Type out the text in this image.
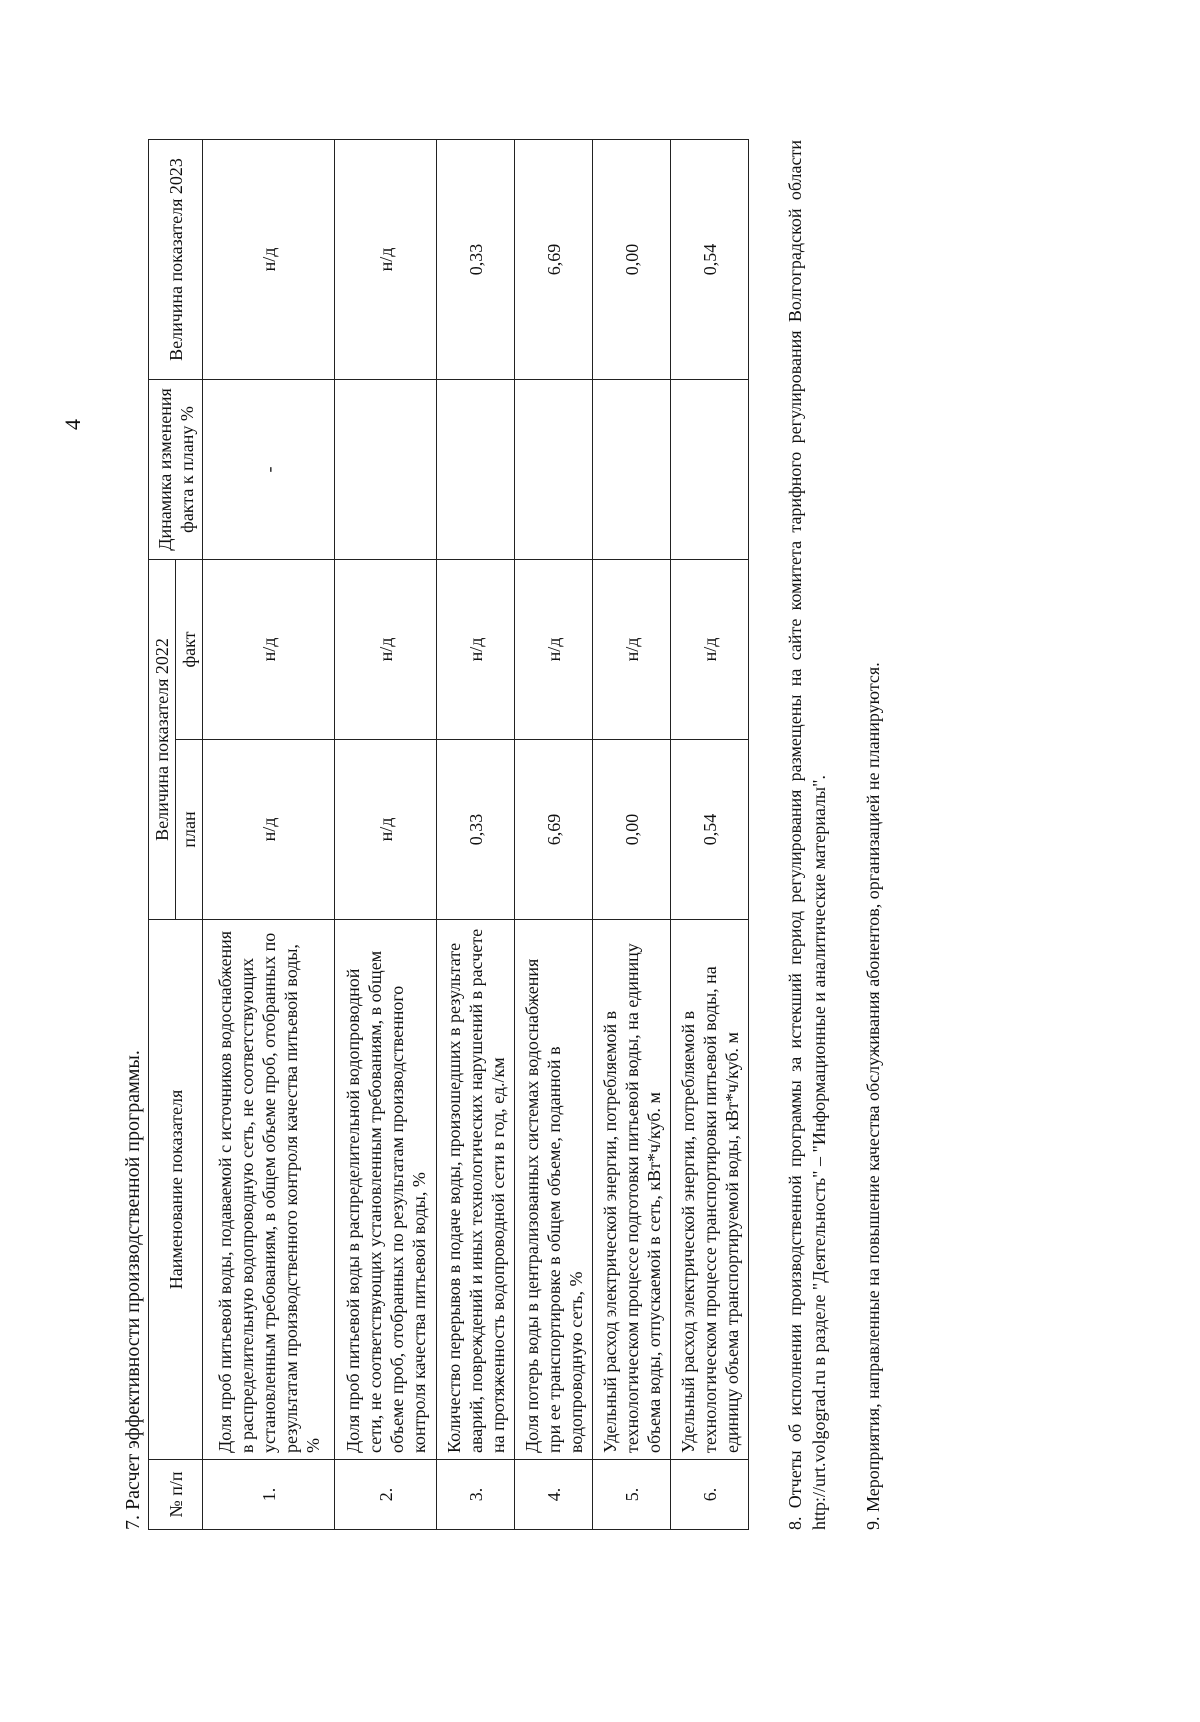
4
7. Расчет эффективности производственной программы. № п/п	Наименование показателя	Величина показателя 2022		Динамика изменения факта к плану %	Величина показателя 2023
		план	факт		
1.	Доля проб питьевой воды, подаваемой с источников водоснабжения в распределительную водопроводную сеть, не соответствующих установленным требованиям, в общем объеме проб, отобранных по результатам производственного контроля качества питьевой воды, %	н/д	н/д	-	н/д
2.	Доля проб питьевой воды в распределительной водопроводной сети, не соответствующих установленным требованиям, в общем объеме проб, отобранных по результатам производственного контроля качества питьевой воды, %	н/д	н/д		н/д
3.	Количество перерывов в подаче воды, произошедших в результате аварий, повреждений и иных технологических нарушений в расчете на протяженность водопроводной сети в год, ед./км	0,33	н/д		0,33
4.	Доля потерь воды в централизованных системах водоснабжения при ее транспортировке в общем объеме, поданной в водопроводную сеть, %	6,69	н/д		6,69
5.	Удельный расход электрической энергии, потребляемой в технологическом процессе подготовки питьевой воды, на единицу объема воды, отпускаемой в сеть, кВт*ч/куб. м	0,00	н/д		0,00
6.	Удельный расход электрической энергии, потребляемой в технологическом процессе транспортировки питьевой воды, на единицу объема транспортируемой воды, кВт*ч/куб. м	0,54	н/д		0,54	8. Отчеты об исполнении производственной программы за истекший период регулирования размещены на сайте комитета тарифного регулирования Волгоградской области http://urt.volgograd.ru в разделе "Деятельность" – "Информационные и аналитические материалы". 9. Мероприятия, направленные на повышение качества обслуживания абонентов, организацией не планируются.
